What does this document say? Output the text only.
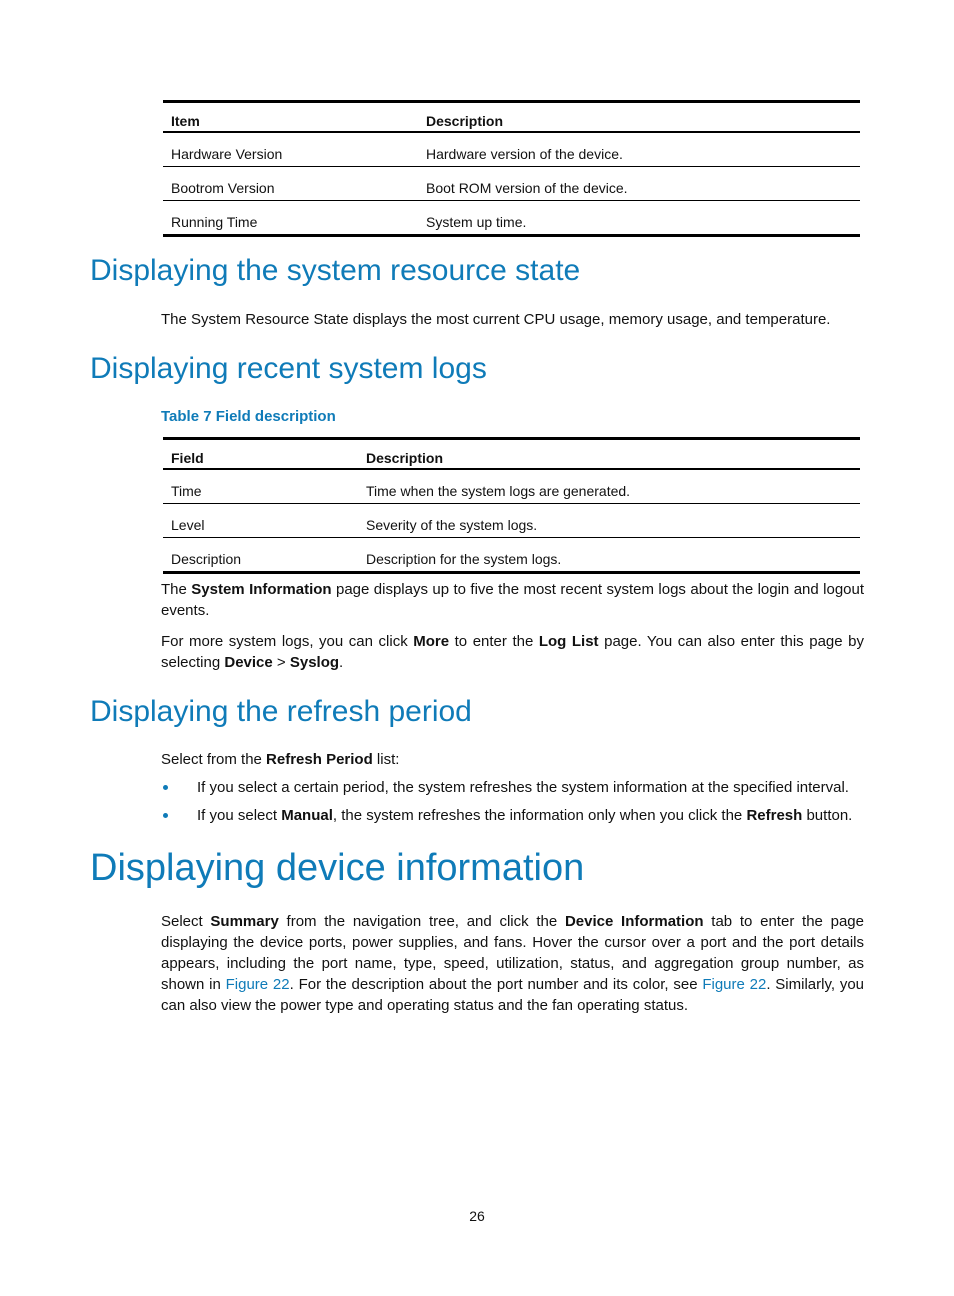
Item	Description
Hardware Version	Hardware version of the device.
Bootrom Version	Boot ROM version of the device.
Running Time	System up time.
Displaying the system resource state

The System Resource State displays the most current CPU usage, memory usage, and temperature.

Displaying recent system logs
Table 7 Field description
Field	Description
Time	Time when the system logs are generated.
Level	Severity of the system logs.
Description	Description for the system logs.

The System Information page displays up to five the most recent system logs about the login and logout events.

For more system logs, you can click More to enter the Log List page. You can also enter this page by selecting Device > Syslog.

Displaying the refresh period

Select from the Refresh Period list:

If you select a certain period, the system refreshes the system information at the specified interval.

If you select Manual, the system refreshes the information only when you click the Refresh button.

Displaying device information

Select Summary from the navigation tree, and click the Device Information tab to enter the page displaying the device ports, power supplies, and fans. Hover the cursor over a port and the port details appears, including the port name, type, speed, utilization, status, and aggregation group number, as shown in Figure 22. For the description about the port number and its color, see Figure 22. Similarly, you can also view the power type and operating status and the fan operating status.

26
